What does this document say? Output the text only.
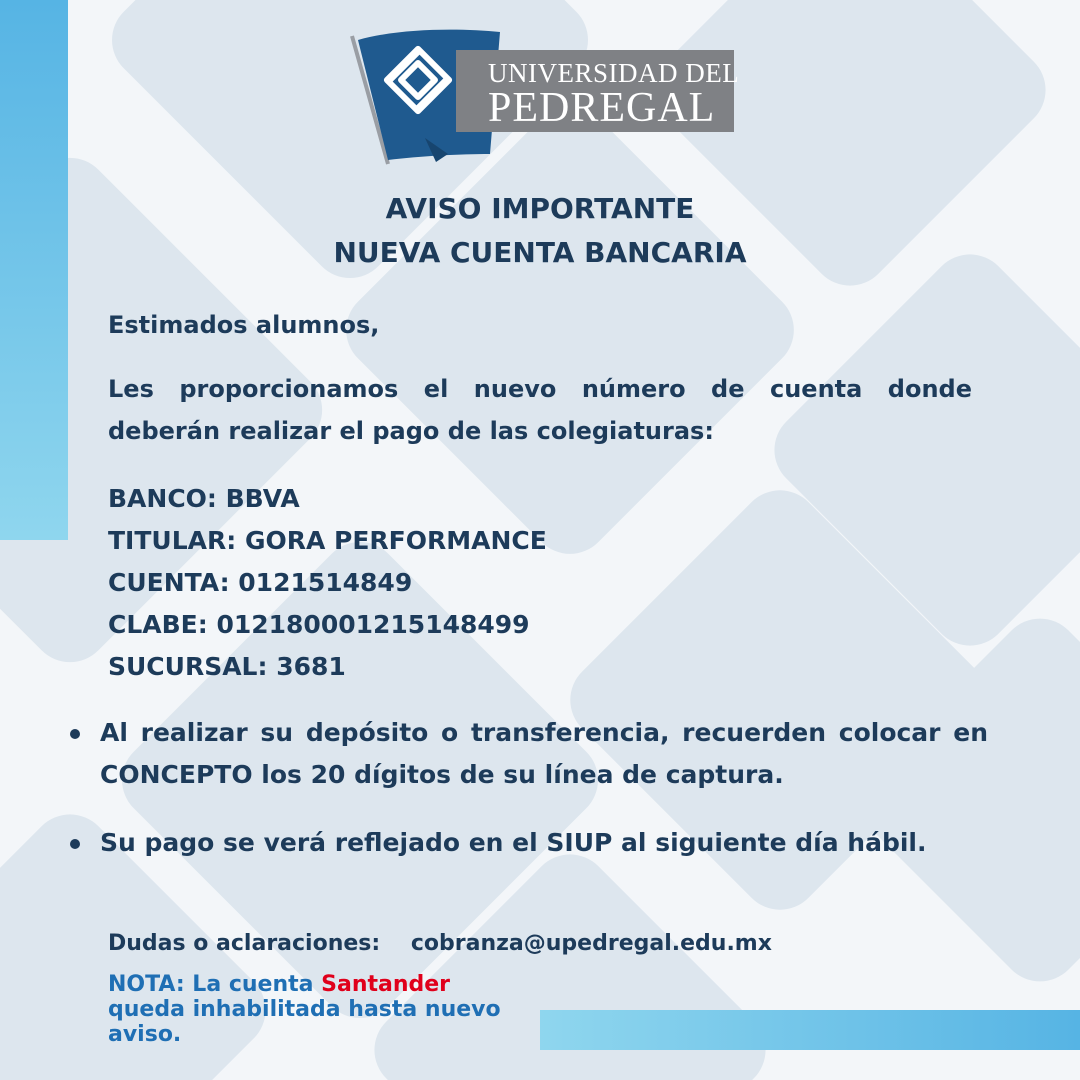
UNIVERSIDAD DEL
PEDREGAL
AVISO IMPORTANTE
NUEVA CUENTA BANCARIA
Estimados alumnos,
Les proporcionamos el nuevo número de cuenta donde deberán realizar el pago de las colegiaturas:
BANCO: BBVA
TITULAR: GORA PERFORMANCE
CUENTA: 0121514849
CLABE: 012180001215148499
SUCURSAL: 3681
Al realizar su depósito o transferencia, recuerden colocar en CONCEPTO los 20 dígitos de su línea de captura.
Su pago se verá reflejado en el SIUP al siguiente día hábil.
Dudas o aclaraciones: cobranza@upedregal.edu.mx
NOTA: La cuenta Santander queda inhabilitada hasta nuevo aviso.
